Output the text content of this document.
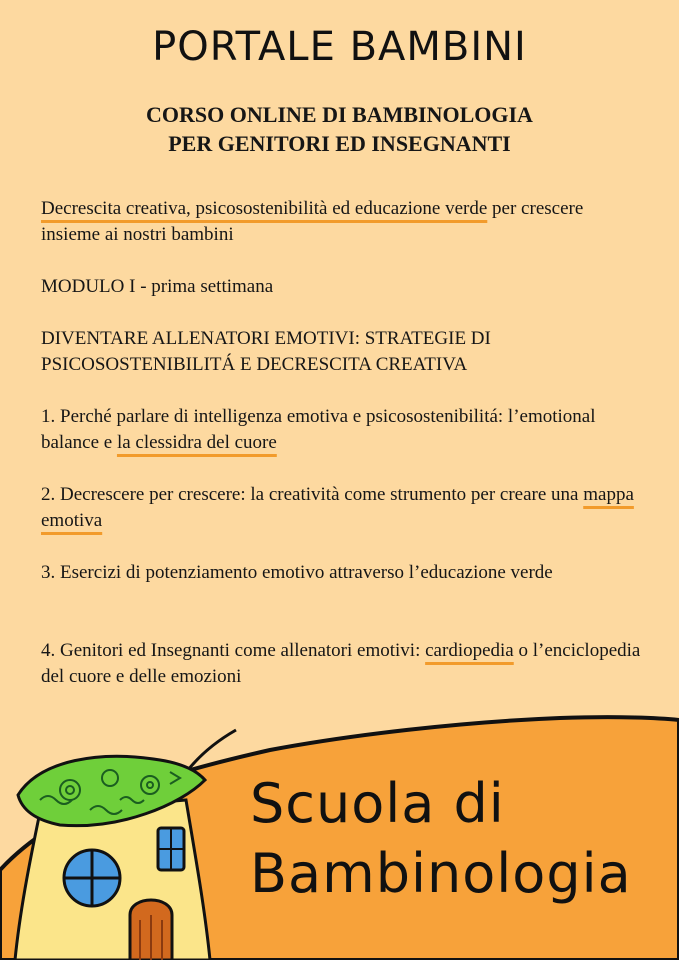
PORTALE BAMBINI
CORSO ONLINE DI BAMBINOLOGIA
PER GENITORI ED INSEGNANTI
Decrescita creativa, psicosostenibilità ed educazione verde per crescere insieme ai nostri bambini
MODULO I - prima settimana
DIVENTARE ALLENATORI EMOTIVI: STRATEGIE DI PSICOSOSTENIBILITÁ E DECRESCITA CREATIVA
1. Perché parlare di intelligenza emotiva e psicosostenibilitá: l’emotional balance e la clessidra del cuore
2. Decrescere per crescere: la creatività come strumento per creare una mappa emotiva
3. Esercizi di potenziamento emotivo attraverso l’educazione verde
4. Genitori ed Insegnanti come allenatori emotivi: cardiopedia o l’enciclopedia del cuore e delle emozioni
Scuola di
Bambinologia
